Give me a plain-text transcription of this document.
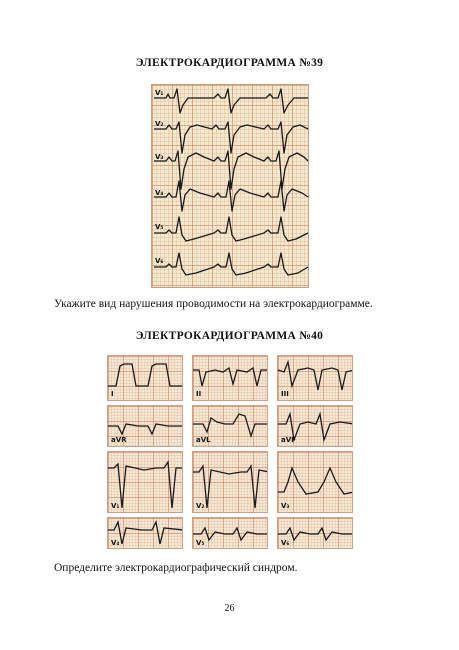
ЭЛЕКТРОКАРДИОГРАММА №39
V₁
V₂
V₃
V₄
V₅
V₆
Укажите вид нарушения проводимости на электрокардиограмме.
ЭЛЕКТРОКАРДИОГРАММА №40
I	II	III
aVR	aVL	aVF
V₁	V₂	V₃
V₄	V₅	V₆
Определите электрокардиографический синдром.
26
